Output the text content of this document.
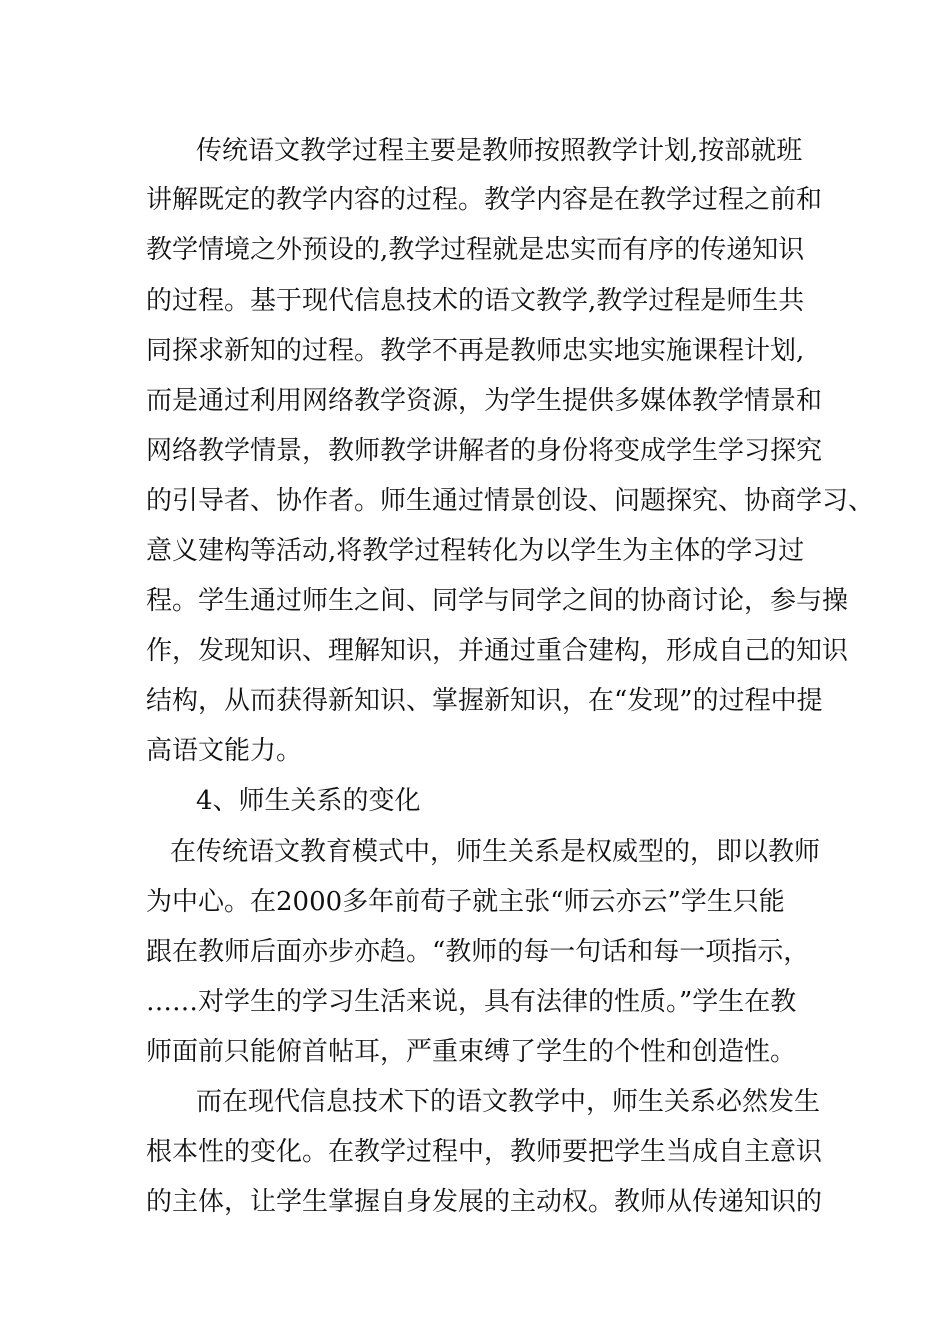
传统语文教学过程主要是教师按照教学计划,按部就班
讲解既定的教学内容的过程。教学内容是在教学过程之前和
教学情境之外预设的,教学过程就是忠实而有序的传递知识
的过程。基于现代信息技术的语文教学,教学过程是师生共
同探求新知的过程。教学不再是教师忠实地实施课程计划,
而是通过利用网络教学资源，为学生提供多媒体教学情景和
网络教学情景，教师教学讲解者的身份将变成学生学习探究
的引导者、协作者。师生通过情景创设、问题探究、协商学习、
意义建构等活动,将教学过程转化为以学生为主体的学习过
程。学生通过师生之间、同学与同学之间的协商讨论，参与操
作，发现知识、理解知识，并通过重合建构，形成自己的知识
结构，从而获得新知识、掌握新知识，在“发现”的过程中提
高语文能力。
4、师生关系的变化
在传统语文教育模式中，师生关系是权威型的，即以教师
为中心。在2000多年前荀子就主张“师云亦云”学生只能
跟在教师后面亦步亦趋。“教师的每一句话和每一项指示，
……对学生的学习生活来说，具有法律的性质。”学生在教
师面前只能俯首帖耳，严重束缚了学生的个性和创造性。
而在现代信息技术下的语文教学中，师生关系必然发生
根本性的变化。在教学过程中，教师要把学生当成自主意识
的主体，让学生掌握自身发展的主动权。教师从传递知识的
